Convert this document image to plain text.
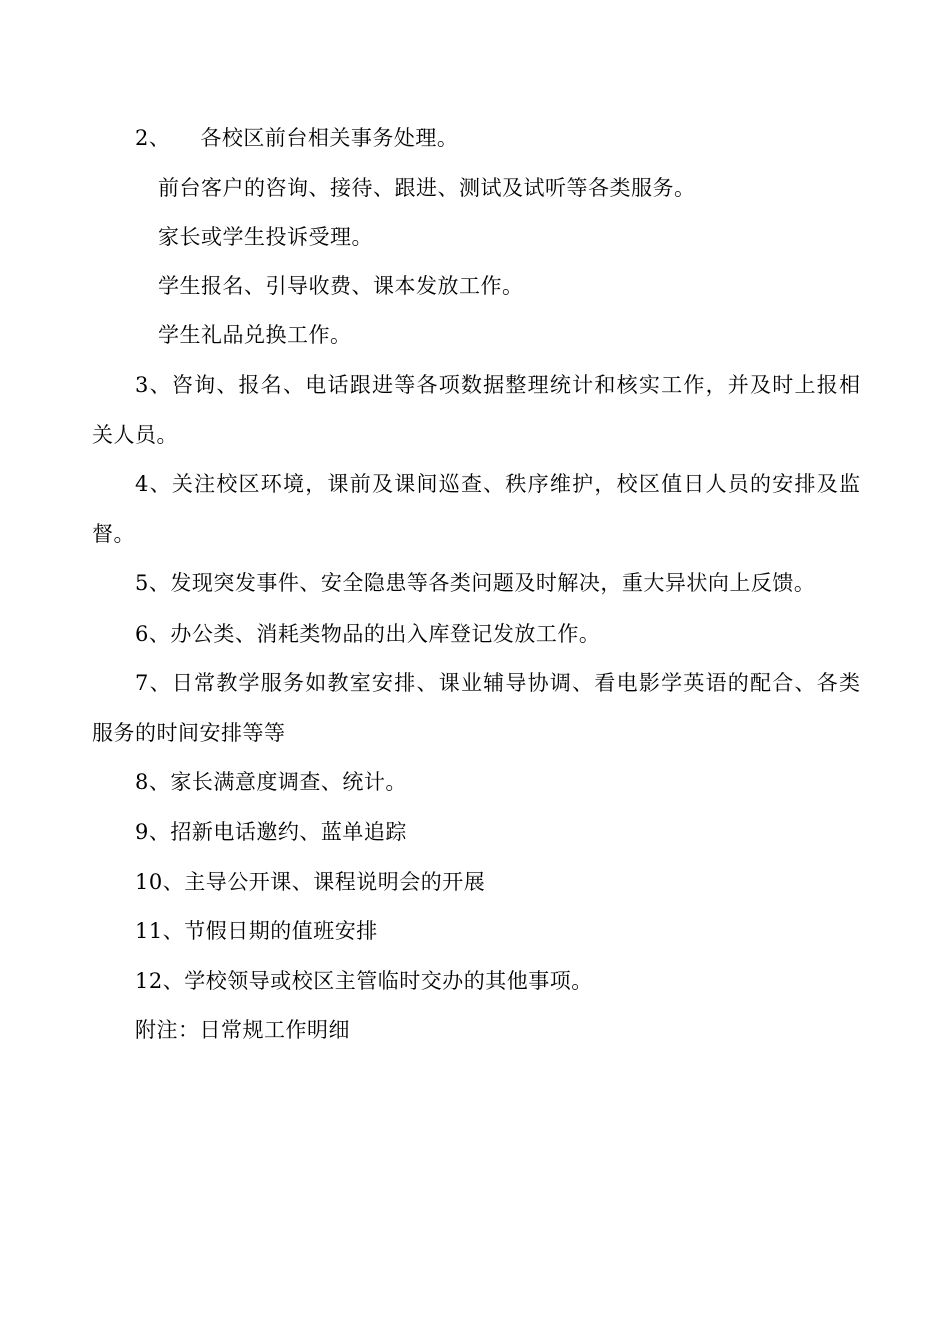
2、 各校区前台相关事务处理。

前台客户的咨询、接待、跟进、测试及试听等各类服务。

家长或学生投诉受理。

学生报名、引导收费、课本发放工作。

学生礼品兑换工作。

3、咨询、报名、电话跟进等各项数据整理统计和核实工作，并及时上报相

关人员。

4、关注校区环境，课前及课间巡查、秩序维护，校区值日人员的安排及监

督。

5、发现突发事件、安全隐患等各类问题及时解决，重大异状向上反馈。

6、办公类、消耗类物品的出入库登记发放工作。

7、日常教学服务如教室安排、课业辅导协调、看电影学英语的配合、各类

服务的时间安排等等

8、家长满意度调查、统计。

9、招新电话邀约、蓝单追踪

10、主导公开课、课程说明会的开展

11、节假日期的值班安排

12、学校领导或校区主管临时交办的其他事项。

附注：日常规工作明细
